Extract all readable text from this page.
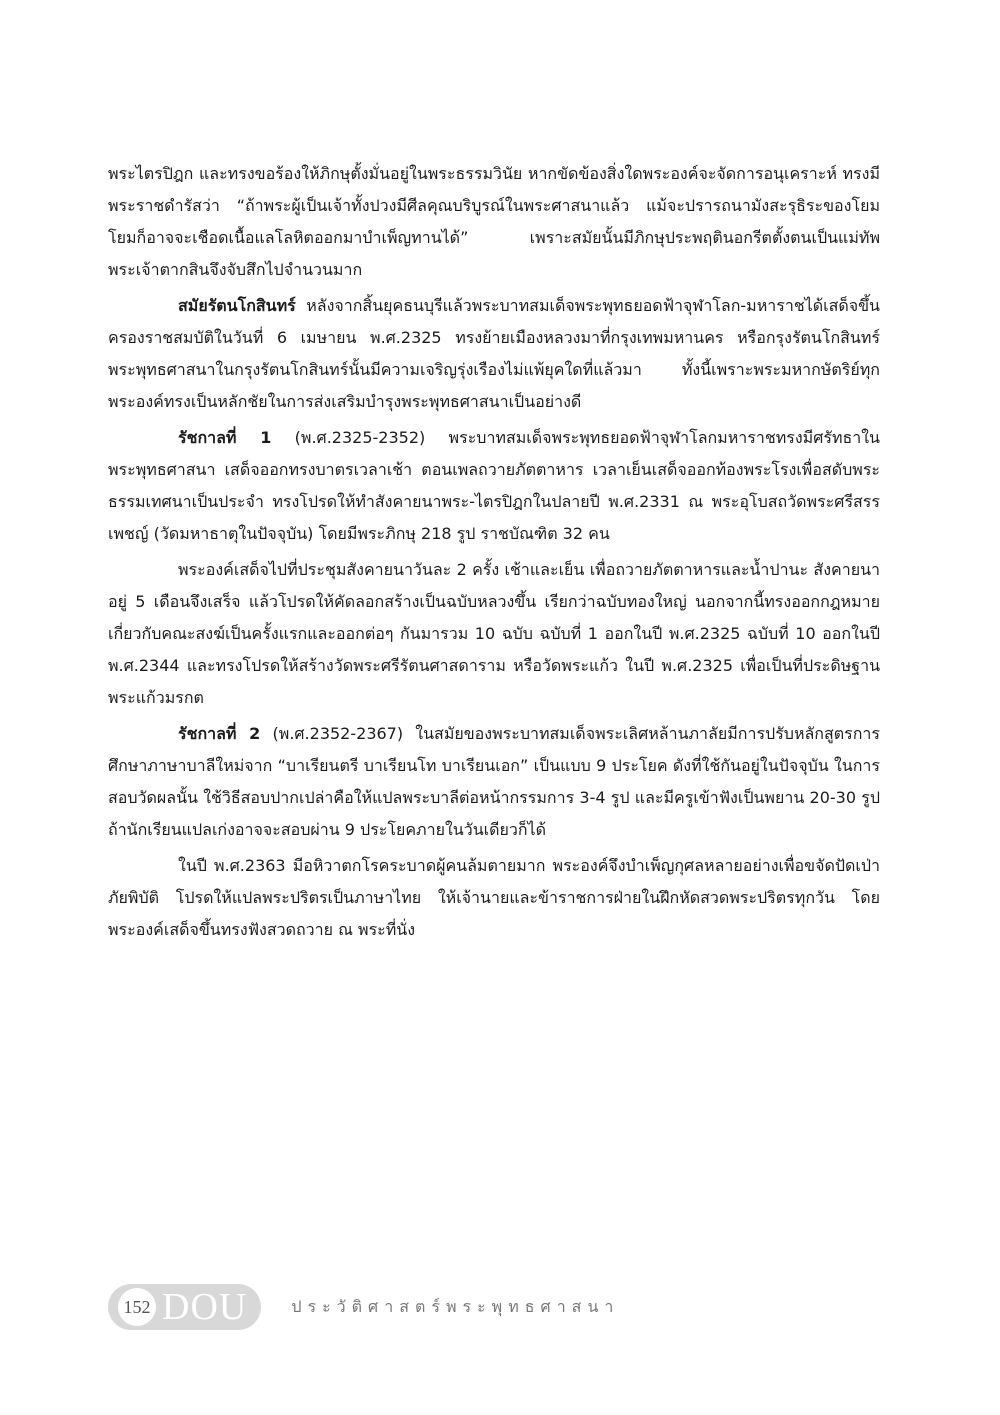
พระไตรปิฎก และทรงขอร้องให้ภิกษุตั้งมั่นอยู่ในพระธรรมวินัย หากขัดข้องสิ่งใดพระองค์จะจัดการอนุเคราะห์ ทรงมีพระราชดำรัสว่า “ถ้าพระผู้เป็นเจ้าทั้งปวงมีศีลคุณบริบูรณ์ในพระศาสนาแล้ว แม้จะปรารถนามังสะรุธิระของโยม โยมก็อาจจะเชือดเนื้อแลโลหิตออกมาบำเพ็ญทานได้” เพราะสมัยนั้นมีภิกษุประพฤตินอกรีตตั้งตนเป็นแม่ทัพ พระเจ้าตากสินจึงจับสึกไปจำนวนมาก

สมัยรัตนโกสินทร์ หลังจากสิ้นยุคธนบุรีแล้วพระบาทสมเด็จพระพุทธยอดฟ้าจุฬาโลก-มหาราชได้เสด็จขึ้นครองราชสมบัติในวันที่ 6 เมษายน พ.ศ.2325 ทรงย้ายเมืองหลวงมาที่กรุงเทพมหานคร หรือกรุงรัตนโกสินทร์ พระพุทธศาสนาในกรุงรัตนโกสินทร์นั้นมีความเจริญรุ่งเรืองไม่แพ้ยุคใดที่แล้วมา ทั้งนี้เพราะพระมหากษัตริย์ทุกพระองค์ทรงเป็นหลักชัยในการส่งเสริมบำรุงพระพุทธศาสนาเป็นอย่างดี

รัชกาลที่ 1 (พ.ศ.2325-2352) พระบาทสมเด็จพระพุทธยอดฟ้าจุฬาโลกมหาราชทรงมีศรัทธาในพระพุทธศาสนา เสด็จออกทรงบาตรเวลาเช้า ตอนเพลถวายภัตตาหาร เวลาเย็นเสด็จออกท้องพระโรงเพื่อสดับพระธรรมเทศนาเป็นประจำ ทรงโปรดให้ทำสังคายนาพระ-ไตรปิฎกในปลายปี พ.ศ.2331 ณ พระอุโบสถวัดพระศรีสรรเพชญ์ (วัดมหาธาตุในปัจจุบัน) โดยมีพระภิกษุ 218 รูป ราชบัณฑิต 32 คน

พระองค์เสด็จไปที่ประชุมสังคายนาวันละ 2 ครั้ง เช้าและเย็น เพื่อถวายภัตตาหารและน้ำปานะ สังคายนาอยู่ 5 เดือนจึงเสร็จ แล้วโปรดให้คัดลอกสร้างเป็นฉบับหลวงขึ้น เรียกว่าฉบับทองใหญ่ นอกจากนี้ทรงออกกฎหมายเกี่ยวกับคณะสงฆ์เป็นครั้งแรกและออกต่อๆ กันมารวม 10 ฉบับ ฉบับที่ 1 ออกในปี พ.ศ.2325 ฉบับที่ 10 ออกในปี พ.ศ.2344 และทรงโปรดให้สร้างวัดพระศรีรัตนศาสดาราม หรือวัดพระแก้ว ในปี พ.ศ.2325 เพื่อเป็นที่ประดิษฐานพระแก้วมรกต

รัชกาลที่ 2 (พ.ศ.2352-2367) ในสมัยของพระบาทสมเด็จพระเลิศหล้านภาลัยมีการปรับหลักสูตรการศึกษาภาษาบาลีใหม่จาก “บาเรียนตรี บาเรียนโท บาเรียนเอก” เป็นแบบ 9 ประโยค ดังที่ใช้กันอยู่ในปัจจุบัน ในการสอบวัดผลนั้น ใช้วิธีสอบปากเปล่าคือให้แปลพระบาลีต่อหน้ากรรมการ 3-4 รูป และมีครูเข้าฟังเป็นพยาน 20-30 รูป ถ้านักเรียนแปลเก่งอาจจะสอบผ่าน 9 ประโยคภายในวันเดียวก็ได้

ในปี พ.ศ.2363 มีอหิวาตกโรคระบาดผู้คนล้มตายมาก พระองค์จึงบำเพ็ญกุศลหลายอย่างเพื่อขจัดปัดเป่าภัยพิบัติ โปรดให้แปลพระปริตรเป็นภาษาไทย ให้เจ้านายและข้าราชการฝ่ายในฝึกหัดสวดพระปริตรทุกวัน โดยพระองค์เสด็จขึ้นทรงฟังสวดถวาย ณ พระที่นั่ง

152 DOU	ประวัติศาสตร์พระพุทธศาสนา
